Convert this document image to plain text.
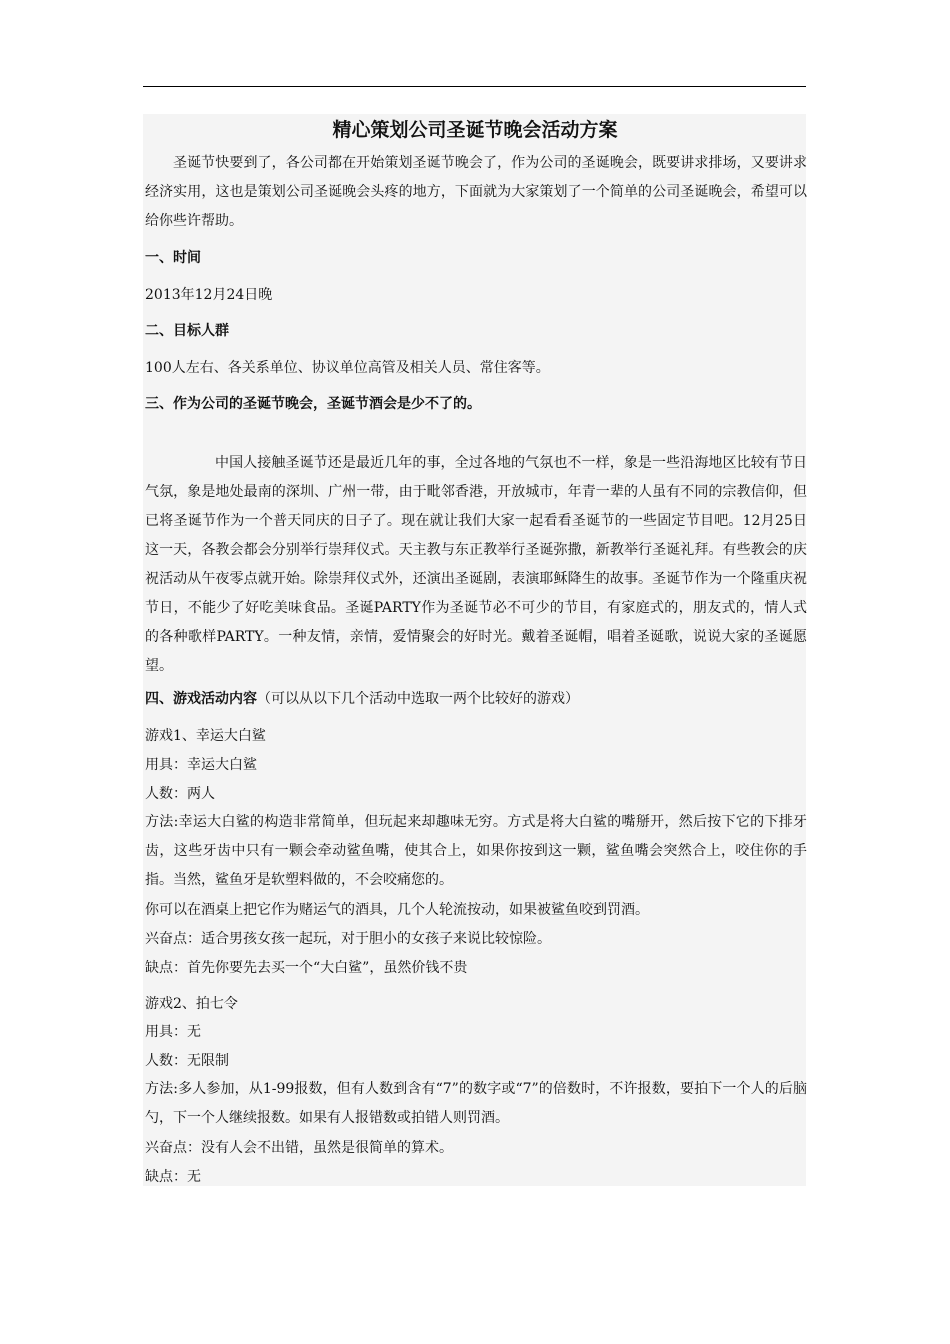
精心策划公司圣诞节晚会活动方案

圣诞节快要到了，各公司都在开始策划圣诞节晚会了，作为公司的圣诞晚会，既要讲求排场，又要讲求经济实用，这也是策划公司圣诞晚会头疼的地方，下面就为大家策划了一个简单的公司圣诞晚会，希望可以给你些许帮助。

一、时间

2013年12月24日晚

二、目标人群

100人左右、各关系单位、协议单位高管及相关人员、常住客等。

三、作为公司的圣诞节晚会，圣诞节酒会是少不了的。

中国人接触圣诞节还是最近几年的事，全过各地的气氛也不一样，象是一些沿海地区比较有节日气氛，象是地处最南的深圳、广州一带，由于毗邻香港，开放城市，年青一辈的人虽有不同的宗教信仰，但已将圣诞节作为一个普天同庆的日子了。现在就让我们大家一起看看圣诞节的一些固定节目吧。12月25日这一天，各教会都会分别举行崇拜仪式。天主教与东正教举行圣诞弥撒，新教举行圣诞礼拜。有些教会的庆祝活动从午夜零点就开始。除崇拜仪式外，还演出圣诞剧，表演耶稣降生的故事。圣诞节作为一个隆重庆祝节日，不能少了好吃美味食品。圣诞PARTY作为圣诞节必不可少的节目，有家庭式的，朋友式的，情人式的各种歌样PARTY。一种友情，亲情，爱情聚会的好时光。戴着圣诞帽，唱着圣诞歌，说说大家的圣诞愿望。

四、游戏活动内容（可以从以下几个活动中选取一两个比较好的游戏）

游戏1、幸运大白鲨

用具：幸运大白鲨

人数：两人

方法:幸运大白鲨的构造非常简单，但玩起来却趣味无穷。方式是将大白鲨的嘴掰开，然后按下它的下排牙齿，这些牙齿中只有一颗会牵动鲨鱼嘴，使其合上，如果你按到这一颗，鲨鱼嘴会突然合上，咬住你的手指。当然，鲨鱼牙是软塑料做的，不会咬痛您的。

你可以在酒桌上把它作为赌运气的酒具，几个人轮流按动，如果被鲨鱼咬到罚酒。

兴奋点：适合男孩女孩一起玩，对于胆小的女孩子来说比较惊险。

缺点：首先你要先去买一个“大白鲨”，虽然价钱不贵

游戏2、拍七令

用具：无

人数：无限制

方法:多人参加，从1-99报数，但有人数到含有“7”的数字或“7”的倍数时，不许报数，要拍下一个人的后脑勺，下一个人继续报数。如果有人报错数或拍错人则罚酒。

兴奋点：没有人会不出错，虽然是很简单的算术。

缺点：无
